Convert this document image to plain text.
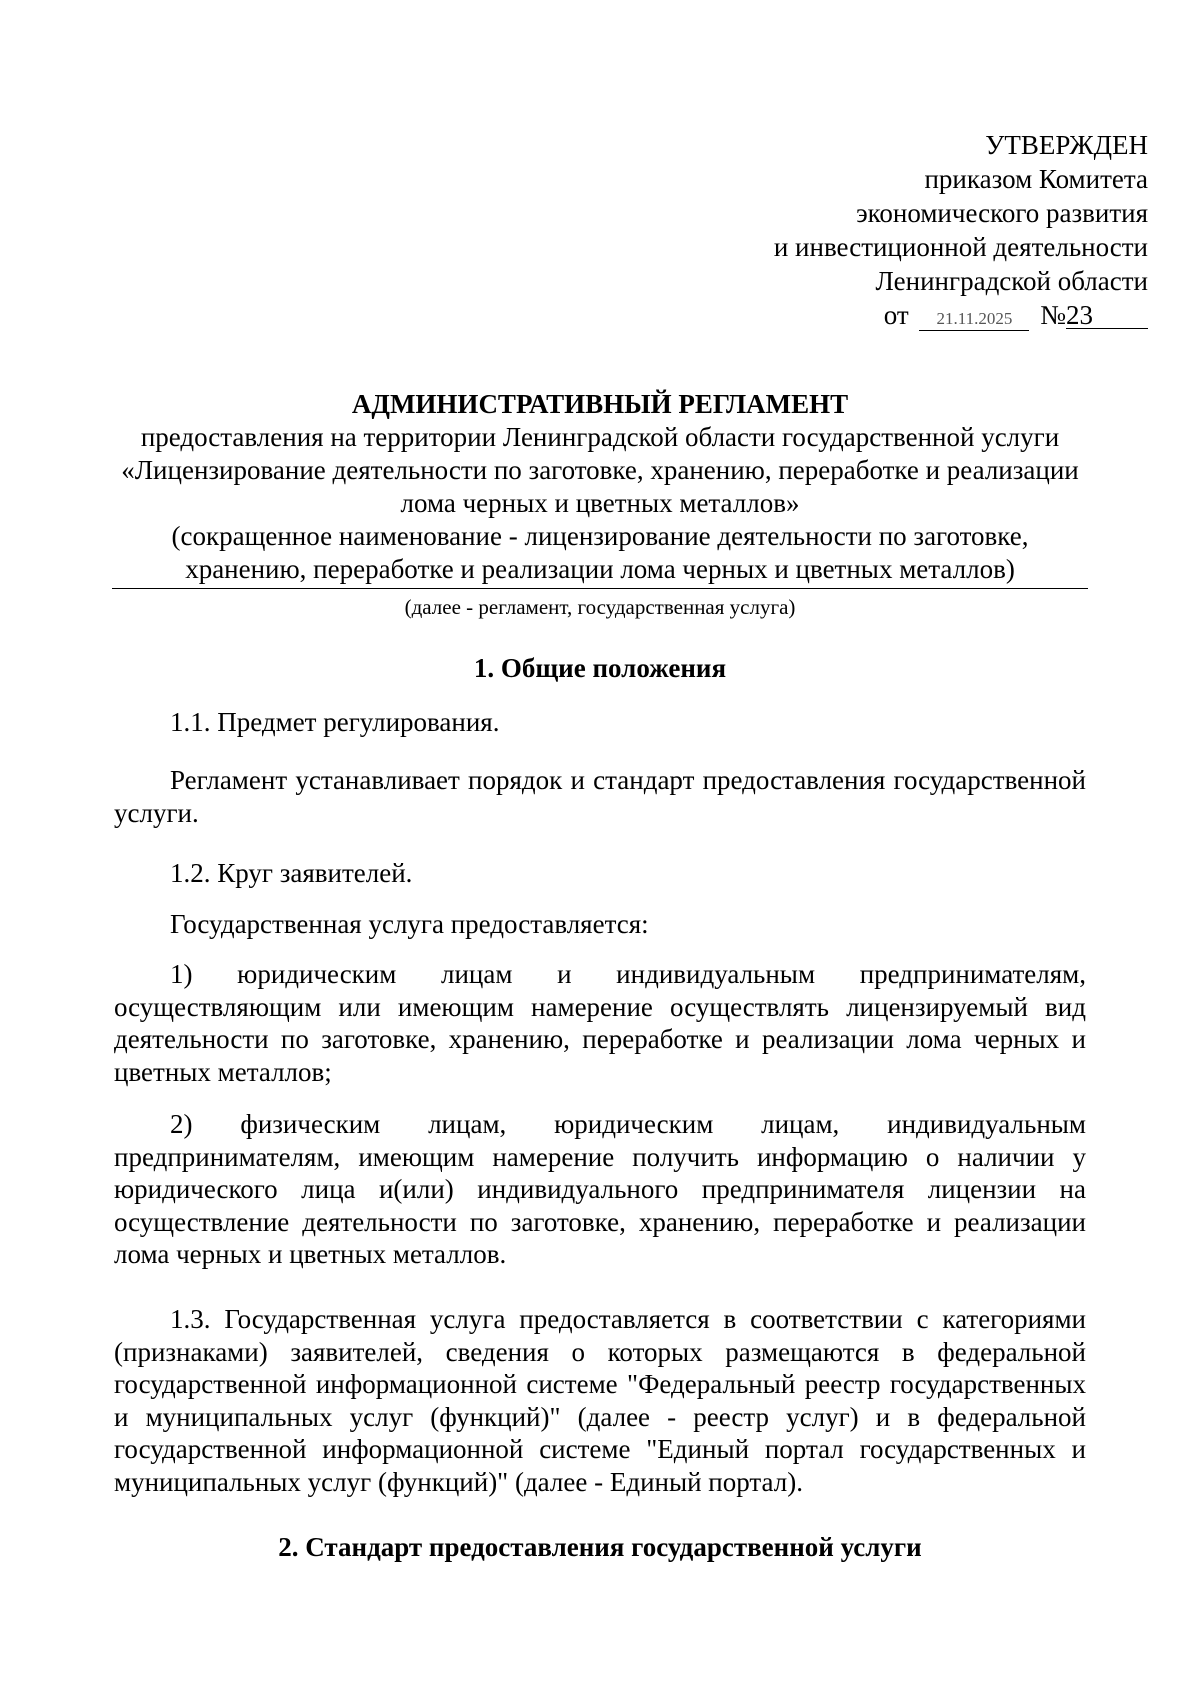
УТВЕРЖДЕН
приказом Комитета
экономического развития
и инвестиционной деятельности
Ленинградской области
от 21.11.2025 №23
АДМИНИСТРАТИВНЫЙ РЕГЛАМЕНТ
предоставления на территории Ленинградской области государственной услуги
«Лицензирование деятельности по заготовке, хранению, переработке и реализации
лома черных и цветных металлов»
(сокращенное наименование - лицензирование деятельности по заготовке,
хранению, переработке и реализации лома черных и цветных металлов)
(далее - регламент, государственная услуга)
1. Общие положения
1.1. Предмет регулирования.
Регламент устанавливает порядок и стандарт предоставления государственной услуги.
1.2. Круг заявителей.
Государственная услуга предоставляется:
1) юридическим лицам и индивидуальным предпринимателям, осуществляющим или имеющим намерение осуществлять лицензируемый вид деятельности по заготовке, хранению, переработке и реализации лома черных и цветных металлов;
2) физическим лицам, юридическим лицам, индивидуальным предпринимателям, имеющим намерение получить информацию о наличии у юридического лица и(или) индивидуального предпринимателя лицензии на осуществление деятельности по заготовке, хранению, переработке и реализации лома черных и цветных металлов.
1.3. Государственная услуга предоставляется в соответствии с категориями (признаками) заявителей, сведения о которых размещаются в федеральной государственной информационной системе "Федеральный реестр государственных и муниципальных услуг (функций)" (далее - реестр услуг) и в федеральной государственной информационной системе "Единый портал государственных и муниципальных услуг (функций)" (далее - Единый портал).
2. Стандарт предоставления государственной услуги
